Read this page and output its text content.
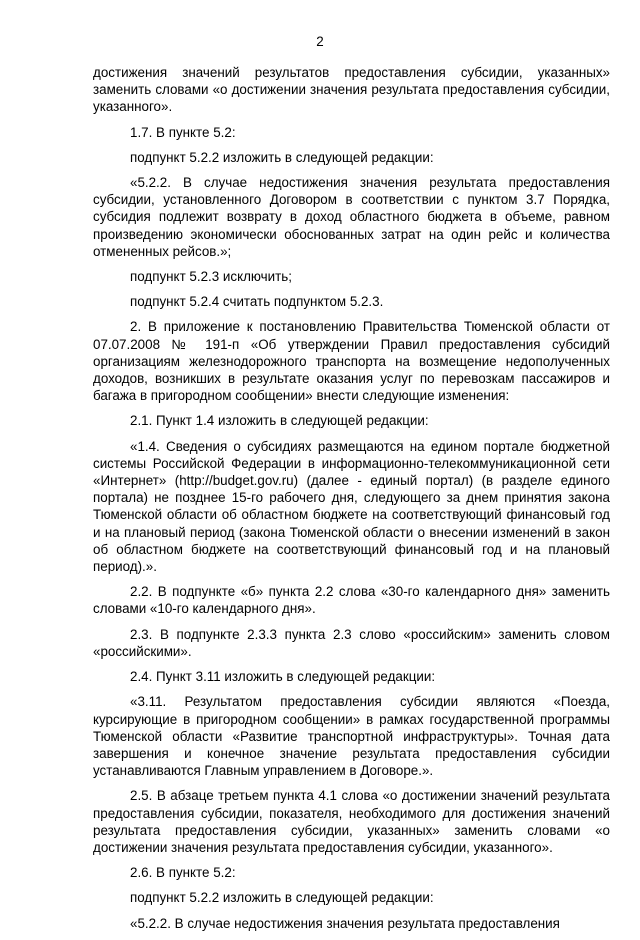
2

достижения значений результатов предоставления субсидии, указанных» заменить словами «о достижении значения результата предоставления субсидии, указанного».

1.7. В пункте 5.2:

подпункт 5.2.2 изложить в следующей редакции:

«5.2.2. В случае недостижения значения результата предоставления субсидии, установленного Договором в соответствии с пунктом 3.7 Порядка, субсидия подлежит возврату в доход областного бюджета в объеме, равном произведению экономически обоснованных затрат на один рейс и количества отмененных рейсов.»;

подпункт 5.2.3 исключить;

подпункт 5.2.4 считать подпунктом 5.2.3.

2. В приложение к постановлению Правительства Тюменской области от 07.07.2008 № 191-п «Об утверждении Правил предоставления субсидий организациям железнодорожного транспорта на возмещение недополученных доходов, возникших в результате оказания услуг по перевозкам пассажиров и багажа в пригородном сообщении» внести следующие изменения:

2.1. Пункт 1.4 изложить в следующей редакции:

«1.4. Сведения о субсидиях размещаются на едином портале бюджетной системы Российской Федерации в информационно-телекоммуникационной сети «Интернет» (http://budget.gov.ru) (далее - единый портал) (в разделе единого портала) не позднее 15-го рабочего дня, следующего за днем принятия закона Тюменской области об областном бюджете на соответствующий финансовый год и на плановый период (закона Тюменской области о внесении изменений в закон об областном бюджете на соответствующий финансовый год и на плановый период).».

2.2. В подпункте «б» пункта 2.2 слова «30-го календарного дня» заменить словами «10-го календарного дня».

2.3. В подпункте 2.3.3 пункта 2.3 слово «российским» заменить словом «российскими».

2.4. Пункт 3.11 изложить в следующей редакции:

«3.11. Результатом предоставления субсидии являются «Поезда, курсирующие в пригородном сообщении» в рамках государственной программы Тюменской области «Развитие транспортной инфраструктуры». Точная дата завершения и конечное значение результата предоставления субсидии устанавливаются Главным управлением в Договоре.».

2.5. В абзаце третьем пункта 4.1 слова «о достижении значений результата предоставления субсидии, показателя, необходимого для достижения значений результата предоставления субсидии, указанных» заменить словами «о достижении значения результата предоставления субсидии, указанного».

2.6. В пункте 5.2:

подпункт 5.2.2 изложить в следующей редакции:

«5.2.2. В случае недостижения значения результата предоставления
